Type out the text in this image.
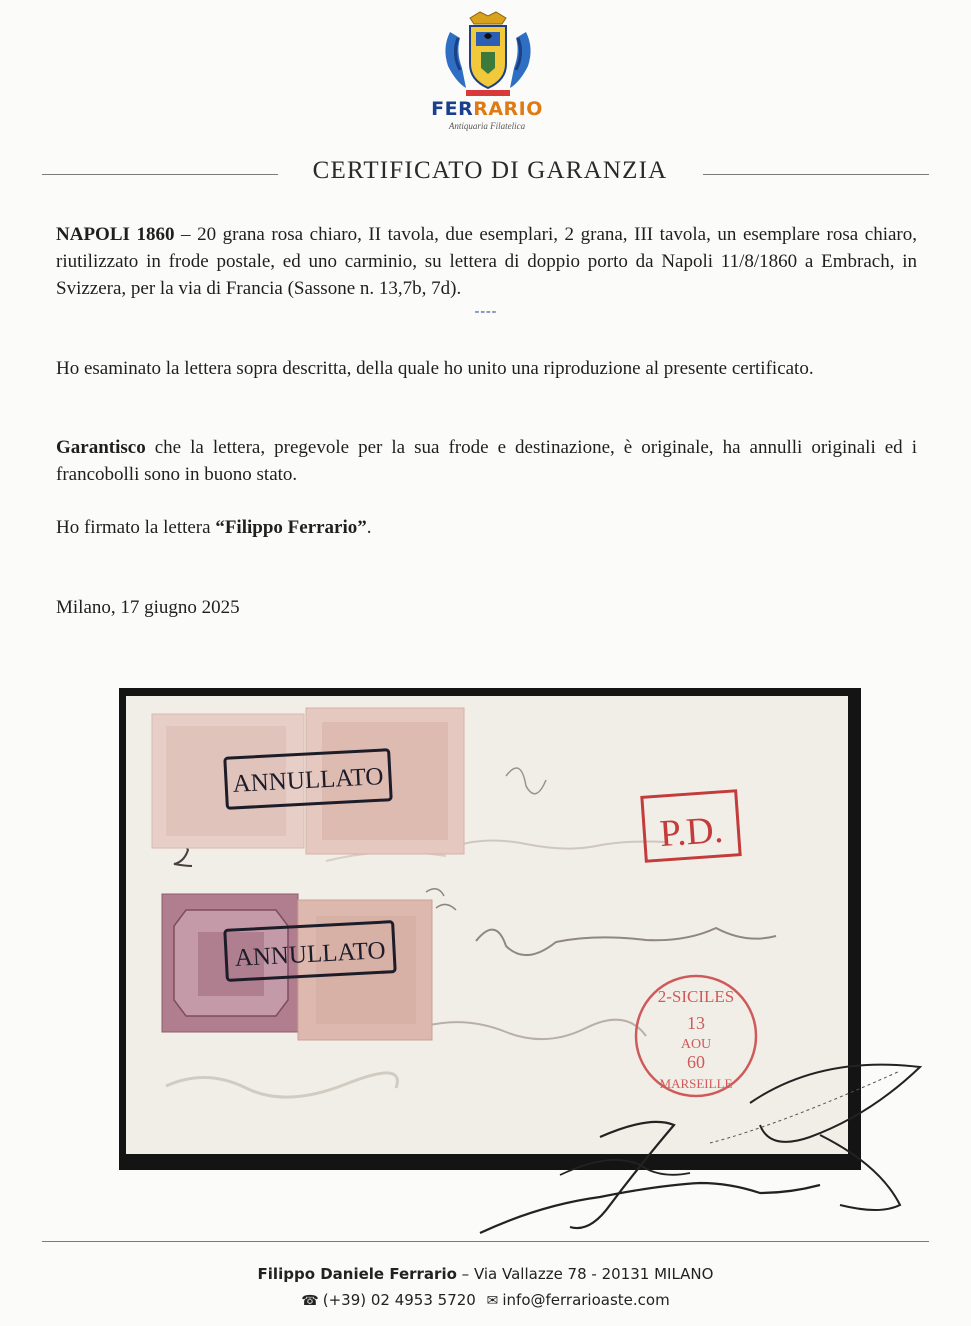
FERRARIO
Antiquaria Filatelica
CERTIFICATO DI GARANZIA
NAPOLI 1860 – 20 grana rosa chiaro, II tavola, due esemplari, 2 grana, III tavola, un esemplare rosa chiaro, riutilizzato in frode postale, ed uno carminio, su lettera di doppio porto da Napoli 11/8/1860 a Embrach, in Svizzera, per la via di Francia (Sassone n. 13,7b, 7d).
----
Ho esaminato la lettera sopra descritta, della quale ho unito una riproduzione al presente certificato.
Garantisco che la lettera, pregevole per la sua frode e destinazione, è originale, ha annulli originali ed i francobolli sono in buono stato.
Ho firmato la lettera “Filippo Ferrario”.
Milano, 17 giugno 2025
ANNULLATO
ANNULLATO
P.D.
2-SICILES
13
AOU
60
MARSEILLE
Filippo Daniele Ferrario – Via Vallazze 78 - 20131 MILANO
☎ (+39) 02 4953 5720 ✉ info@ferrarioaste.com
